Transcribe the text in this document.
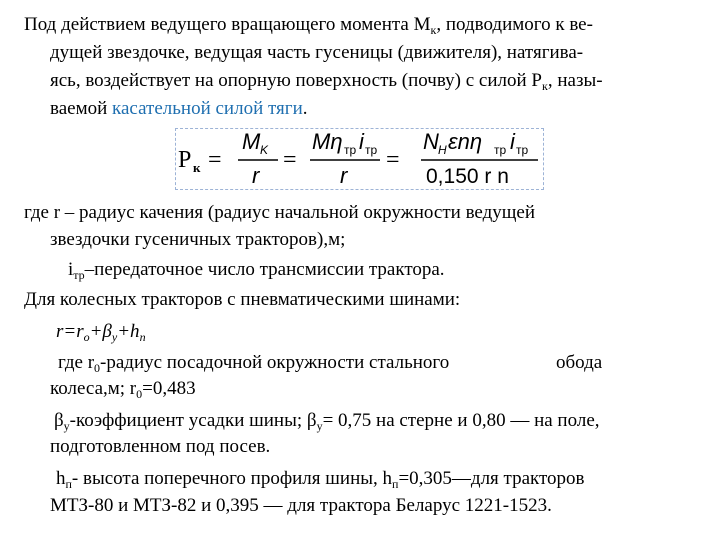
Под действием ведущего вращающего момента $М_к$, подводимого к ве-
дущей звездочке, ведущая часть гусеницы (движителя), натягива-
ясь, воздействует на опорную поверхность (почву) с силой $Р_к$, назы-
ваемой касательной силой тяги.
P к =
M K
r
=
Mη тр i тр
r
=
N H εnη тр i тр
0,150 r n
где r – радиус качения (радиус начальной окружности ведущей
звездочки гусеничных тракторов),м;
$i_{тр}$–передаточное число трансмиссии трактора.
Для колесных тракторов с пневматическими шинами:
$r=r_o+\beta_y+h_n$
где $r_0$-радиус посадочной окружности стального	обода
колеса,м; $r_0=0,483$
$\beta_у$-коэффициент усадки шины; $\beta_у= 0,75$ на стерне и 0,80 — на поле,
подготовленном под посев.
$h_п-$ высота поперечного профиля шины, $h_п=0,305—для$ тракторов
МТЗ-80 и МТЗ-82 и 0,395 — для трактора Беларус 1221-1523.
